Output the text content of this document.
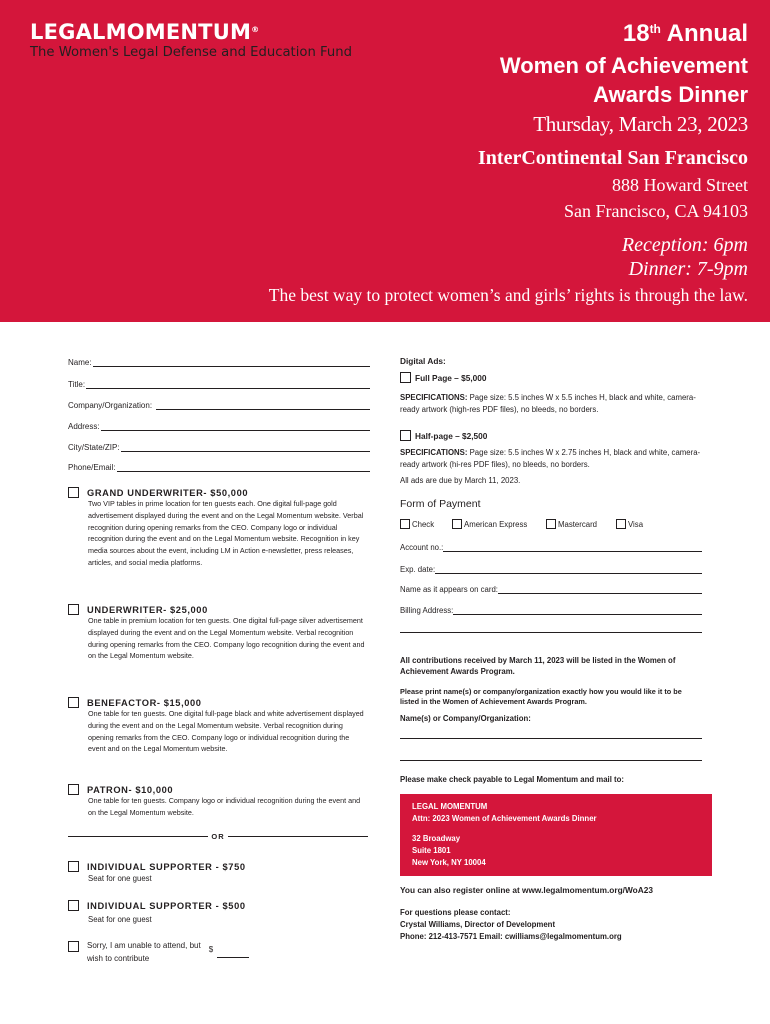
LEGALMOMENTUM®
The Women's Legal Defense and Education Fund
18th Annual
Women of Achievement
Awards Dinner
Thursday, March 23, 2023
InterContinental San Francisco
888 Howard Street
San Francisco, CA 94103
Reception: 6pm
Dinner: 7-9pm
The best way to protect women’s and girls’ rights is through the law.
Name:
Title:
Company/Organization:
Address:
City/State/ZIP:
Phone/Email:
GRAND UNDERWRITER- $50,000
Two VIP tables in prime location for ten guests each. One digital full-page gold advertisement displayed during the event and on the Legal Momentum website. Verbal recognition during opening remarks from the CEO. Company logo or individual recognition during the event and on the Legal Momentum website. Recognition in key media sources about the event, including LM in Action e-newsletter, press releases, articles, and social media platforms.
UNDERWRITER- $25,000
One table in premium location for ten guests. One digital full-page silver advertisement displayed during the event and on the Legal Momentum website. Verbal recognition during opening remarks from the CEO. Company logo recognition during the event and on the Legal Momentum website.
BENEFACTOR- $15,000
One table for ten guests. One digital full-page black and white advertisement displayed during the event and on the Legal Momentum website. Verbal recognition during opening remarks from the CEO. Company logo or individual recognition during the event and on the Legal Momentum website.
PATRON- $10,000
One table for ten guests. Company logo or individual recognition during the event and on the Legal Momentum website.
OR
INDIVIDUAL SUPPORTER - $750
Seat for one guest
INDIVIDUAL SUPPORTER - $500
Seat for one guest
Sorry, I am unable to attend, but
wish to contribute
$
Digital Ads:
Full Page – $5,000
SPECIFICATIONS: Page size: 5.5 inches W x 5.5 inches H, black and white, camera-ready artwork (high-res PDF files), no bleeds, no borders.
Half-page – $2,500
SPECIFICATIONS: Page size: 5.5 inches W x 2.75 inches H, black and white, camera-ready artwork (hi-res PDF files), no bleeds, no borders.
All ads are due by March 11, 2023.
Form of Payment
Check	American Express	Mastercard	Visa
Account no.:
Exp. date:
Name as it appears on card:
Billing Address:
All contributions received by March 11, 2023 will be listed in the Women of Achievement Awards Program.
Please print name(s) or company/organization exactly how you would like it to be listed in the Women of Achievement Awards Program.
Name(s) or Company/Organization:
Please make check payable to Legal Momentum and mail to:
LEGAL MOMENTUM
Attn: 2023 Women of Achievement Awards Dinner
32 Broadway
Suite 1801
New York, NY 10004
You can also register online at www.legalmomentum.org/WoA23
For questions please contact:
Crystal Williams, Director of Development
Phone: 212-413-7571 Email: cwilliams@legalmomentum.org
